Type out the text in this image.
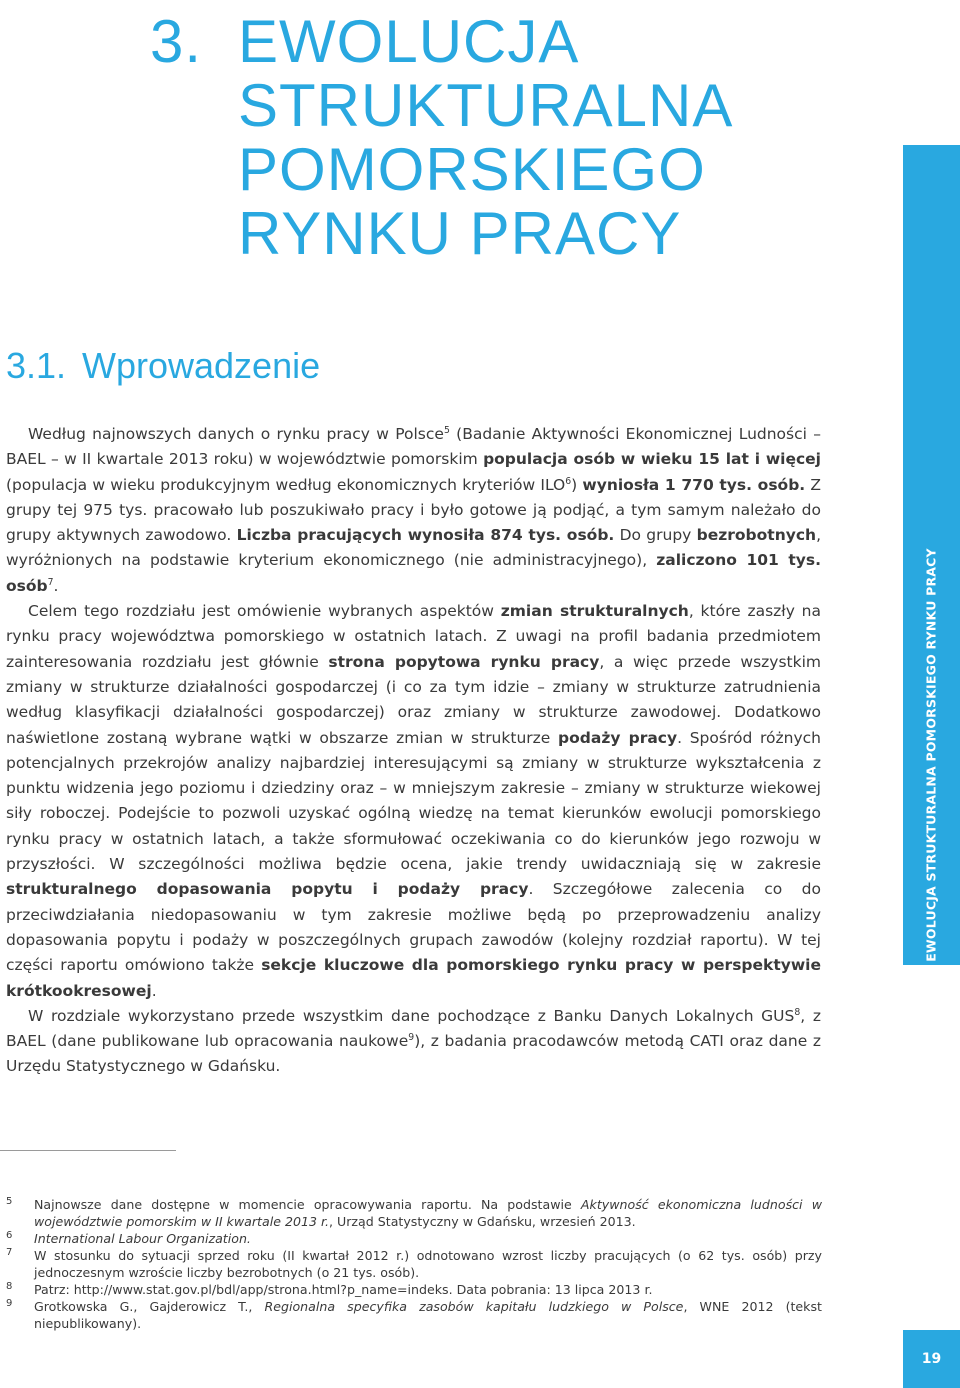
3. EWOLUCJA
STRUKTURALNA
POMORSKIEGO
RYNKU PRACY
3.1. Wprowadzenie

Według najnowszych danych o rynku pracy w Polsce$^5$ (Badanie Aktywności Ekonomicznej Ludności – BAEL – w II kwartale 2013 roku) w województwie pomorskim populacja osób w wieku 15 lat i więcej (populacja w wieku produkcyjnym według ekonomicznych kryteriów ILO$^6$) wyniosła 1 770 tys. osób. Z grupy tej 975 tys. pracowało lub poszukiwało pracy i było gotowe ją podjąć, a tym samym należało do grupy aktywnych zawodowo. Liczba pracujących wynosiła 874 tys. osób. Do grupy bezrobotnych, wyróżnionych na podstawie kryterium ekonomicznego (nie administracyjnego), zaliczono 101 tys. osób$^7$.

Celem tego rozdziału jest omówienie wybranych aspektów zmian strukturalnych, które zaszły na rynku pracy województwa pomorskiego w ostatnich latach. Z uwagi na profil badania przedmiotem zainteresowania rozdziału jest głównie strona popytowa rynku pracy, a więc przede wszystkim zmiany w strukturze działalności gospodarczej (i co za tym idzie – zmiany w strukturze zatrudnienia według klasyfikacji działalności gospodarczej) oraz zmiany w strukturze zawodowej. Dodatkowo naświetlone zostaną wybrane wątki w obszarze zmian w strukturze podaży pracy. Spośród różnych potencjalnych przekrojów analizy najbardziej interesującymi są zmiany w strukturze wykształcenia z punktu widzenia jego poziomu i dziedziny oraz – w mniejszym zakresie – zmiany w strukturze wiekowej siły roboczej. Podejście to pozwoli uzyskać ogólną wiedzę na temat kierunków ewolucji pomorskiego rynku pracy w ostatnich latach, a także sformułować oczekiwania co do kierunków jego rozwoju w przyszłości. W szczególności możliwa będzie ocena, jakie trendy uwidaczniają się w zakresie strukturalnego dopasowania popytu i podaży pracy. Szczegółowe zalecenia co do przeciwdziałania niedopasowaniu w tym zakresie możliwe będą po przeprowadzeniu analizy dopasowania popytu i podaży w poszczególnych grupach zawodów (kolejny rozdział raportu). W tej części raportu omówiono także sekcje kluczowe dla pomorskiego rynku pracy w perspektywie krótkookresowej.

W rozdziale wykorzystano przede wszystkim dane pochodzące z Banku Danych Lokalnych GUS$^8$, z BAEL (dane publikowane lub opracowania naukowe$^9$), z badania pracodawców metodą CATI oraz dane z Urzędu Statystycznego w Gdańsku.

EWOLUCJA STRUKTURALNA POMORSKIEGO RYNKU PRACY
5 Najnowsze dane dostępne w momencie opracowywania raportu. Na podstawie Aktywność ekonomiczna ludności w województwie pomorskim w II kwartale 2013 r., Urząd Statystyczny w Gdańsku, wrzesień 2013.
6 International Labour Organization.
7 W stosunku do sytuacji sprzed roku (II kwartał 2012 r.) odnotowano wzrost liczby pracujących (o 62 tys. osób) przy jednoczesnym wzroście liczby bezrobotnych (o 21 tys. osób).
8 Patrz: http://www.stat.gov.pl/bdl/app/strona.html?p_name=indeks. Data pobrania: 13 lipca 2013 r.
9 Grotkowska G., Gajderowicz T., Regionalna specyfika zasobów kapitału ludzkiego w Polsce, WNE 2012 (tekst niepublikowany).
19
